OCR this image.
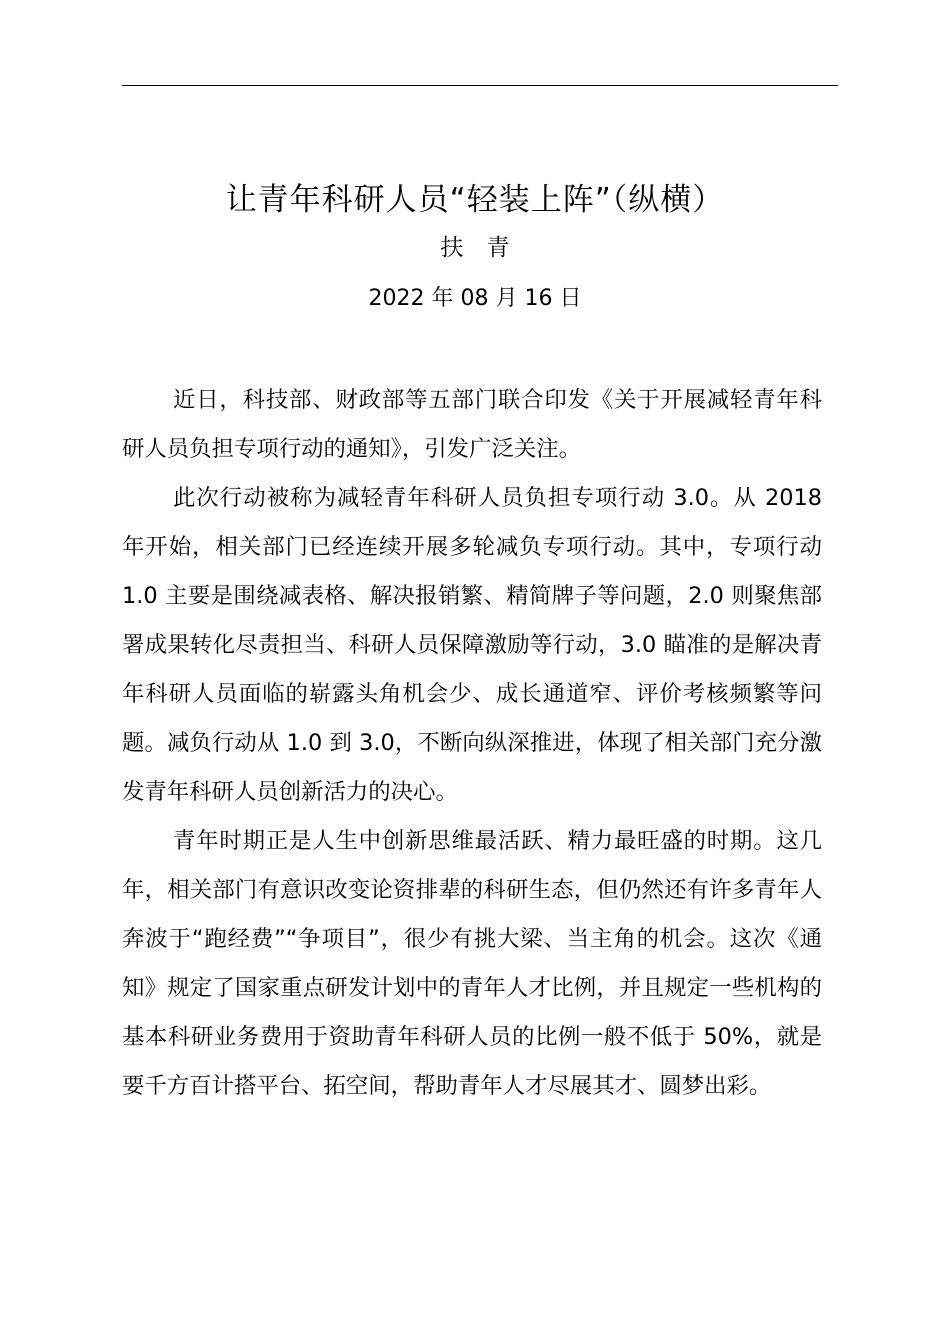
让青年科研人员“轻装上阵”（纵横）
扶 青
2022 年 08 月 16 日

近日，科技部、财政部等五部门联合印发《关于开展减轻青年科研人员负担专项行动的通知》，引发广泛关注。

此次行动被称为减轻青年科研人员负担专项行动 3.0。从 2018 年开始，相关部门已经连续开展多轮减负专项行动。其中，专项行动 1.0 主要是围绕减表格、解决报销繁、精简牌子等问题，2.0 则聚焦部署成果转化尽责担当、科研人员保障激励等行动，3.0 瞄准的是解决青年科研人员面临的崭露头角机会少、成长通道窄、评价考核频繁等问题。减负行动从 1.0 到 3.0，不断向纵深推进，体现了相关部门充分激发青年科研人员创新活力的决心。

青年时期正是人生中创新思维最活跃、精力最旺盛的时期。这几年，相关部门有意识改变论资排辈的科研生态，但仍然还有许多青年人奔波于“跑经费”“争项目”，很少有挑大梁、当主角的机会。这次《通知》规定了国家重点研发计划中的青年人才比例，并且规定一些机构的基本科研业务费用于资助青年科研人员的比例一般不低于 50%，就是要千方百计搭平台、拓空间，帮助青年人才尽展其才、圆梦出彩。
